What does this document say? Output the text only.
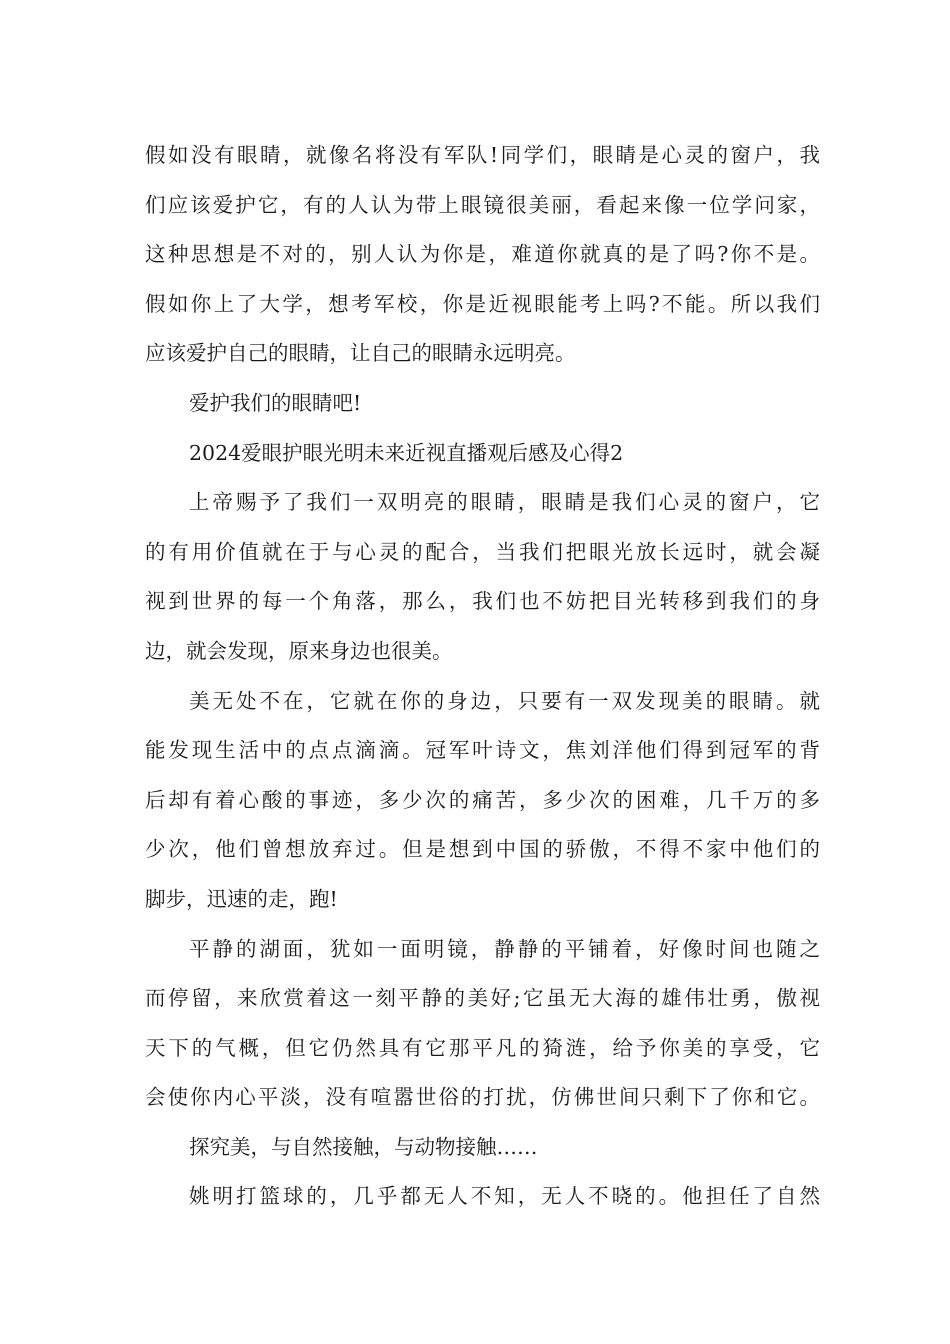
假如没有眼睛，就像名将没有军队!同学们，眼睛是心灵的窗户，我
们应该爱护它，有的人认为带上眼镜很美丽，看起来像一位学问家，
这种思想是不对的，别人认为你是，难道你就真的是了吗?你不是。
假如你上了大学，想考军校，你是近视眼能考上吗?不能。所以我们
应该爱护自己的眼睛，让自己的眼睛永远明亮。
爱护我们的眼睛吧!
2024爱眼护眼光明未来近视直播观后感及心得2
上帝赐予了我们一双明亮的眼睛，眼睛是我们心灵的窗户，它
的有用价值就在于与心灵的配合，当我们把眼光放长远时，就会凝
视到世界的每一个角落，那么，我们也不妨把目光转移到我们的身
边，就会发现，原来身边也很美。
美无处不在，它就在你的身边，只要有一双发现美的眼睛。就
能发现生活中的点点滴滴。冠军叶诗文，焦刘洋他们得到冠军的背
后却有着心酸的事迹，多少次的痛苦，多少次的困难，几千万的多
少次，他们曾想放弃过。但是想到中国的骄傲，不得不家中他们的
脚步，迅速的走，跑!
平静的湖面，犹如一面明镜，静静的平铺着，好像时间也随之
而停留，来欣赏着这一刻平静的美好;它虽无大海的雄伟壮勇，傲视
天下的气概，但它仍然具有它那平凡的猗涟，给予你美的享受，它
会使你内心平淡，没有喧嚣世俗的打扰，仿佛世间只剩下了你和它。
探究美，与自然接触，与动物接触……
姚明打篮球的，几乎都无人不知，无人不晓的。他担任了自然
